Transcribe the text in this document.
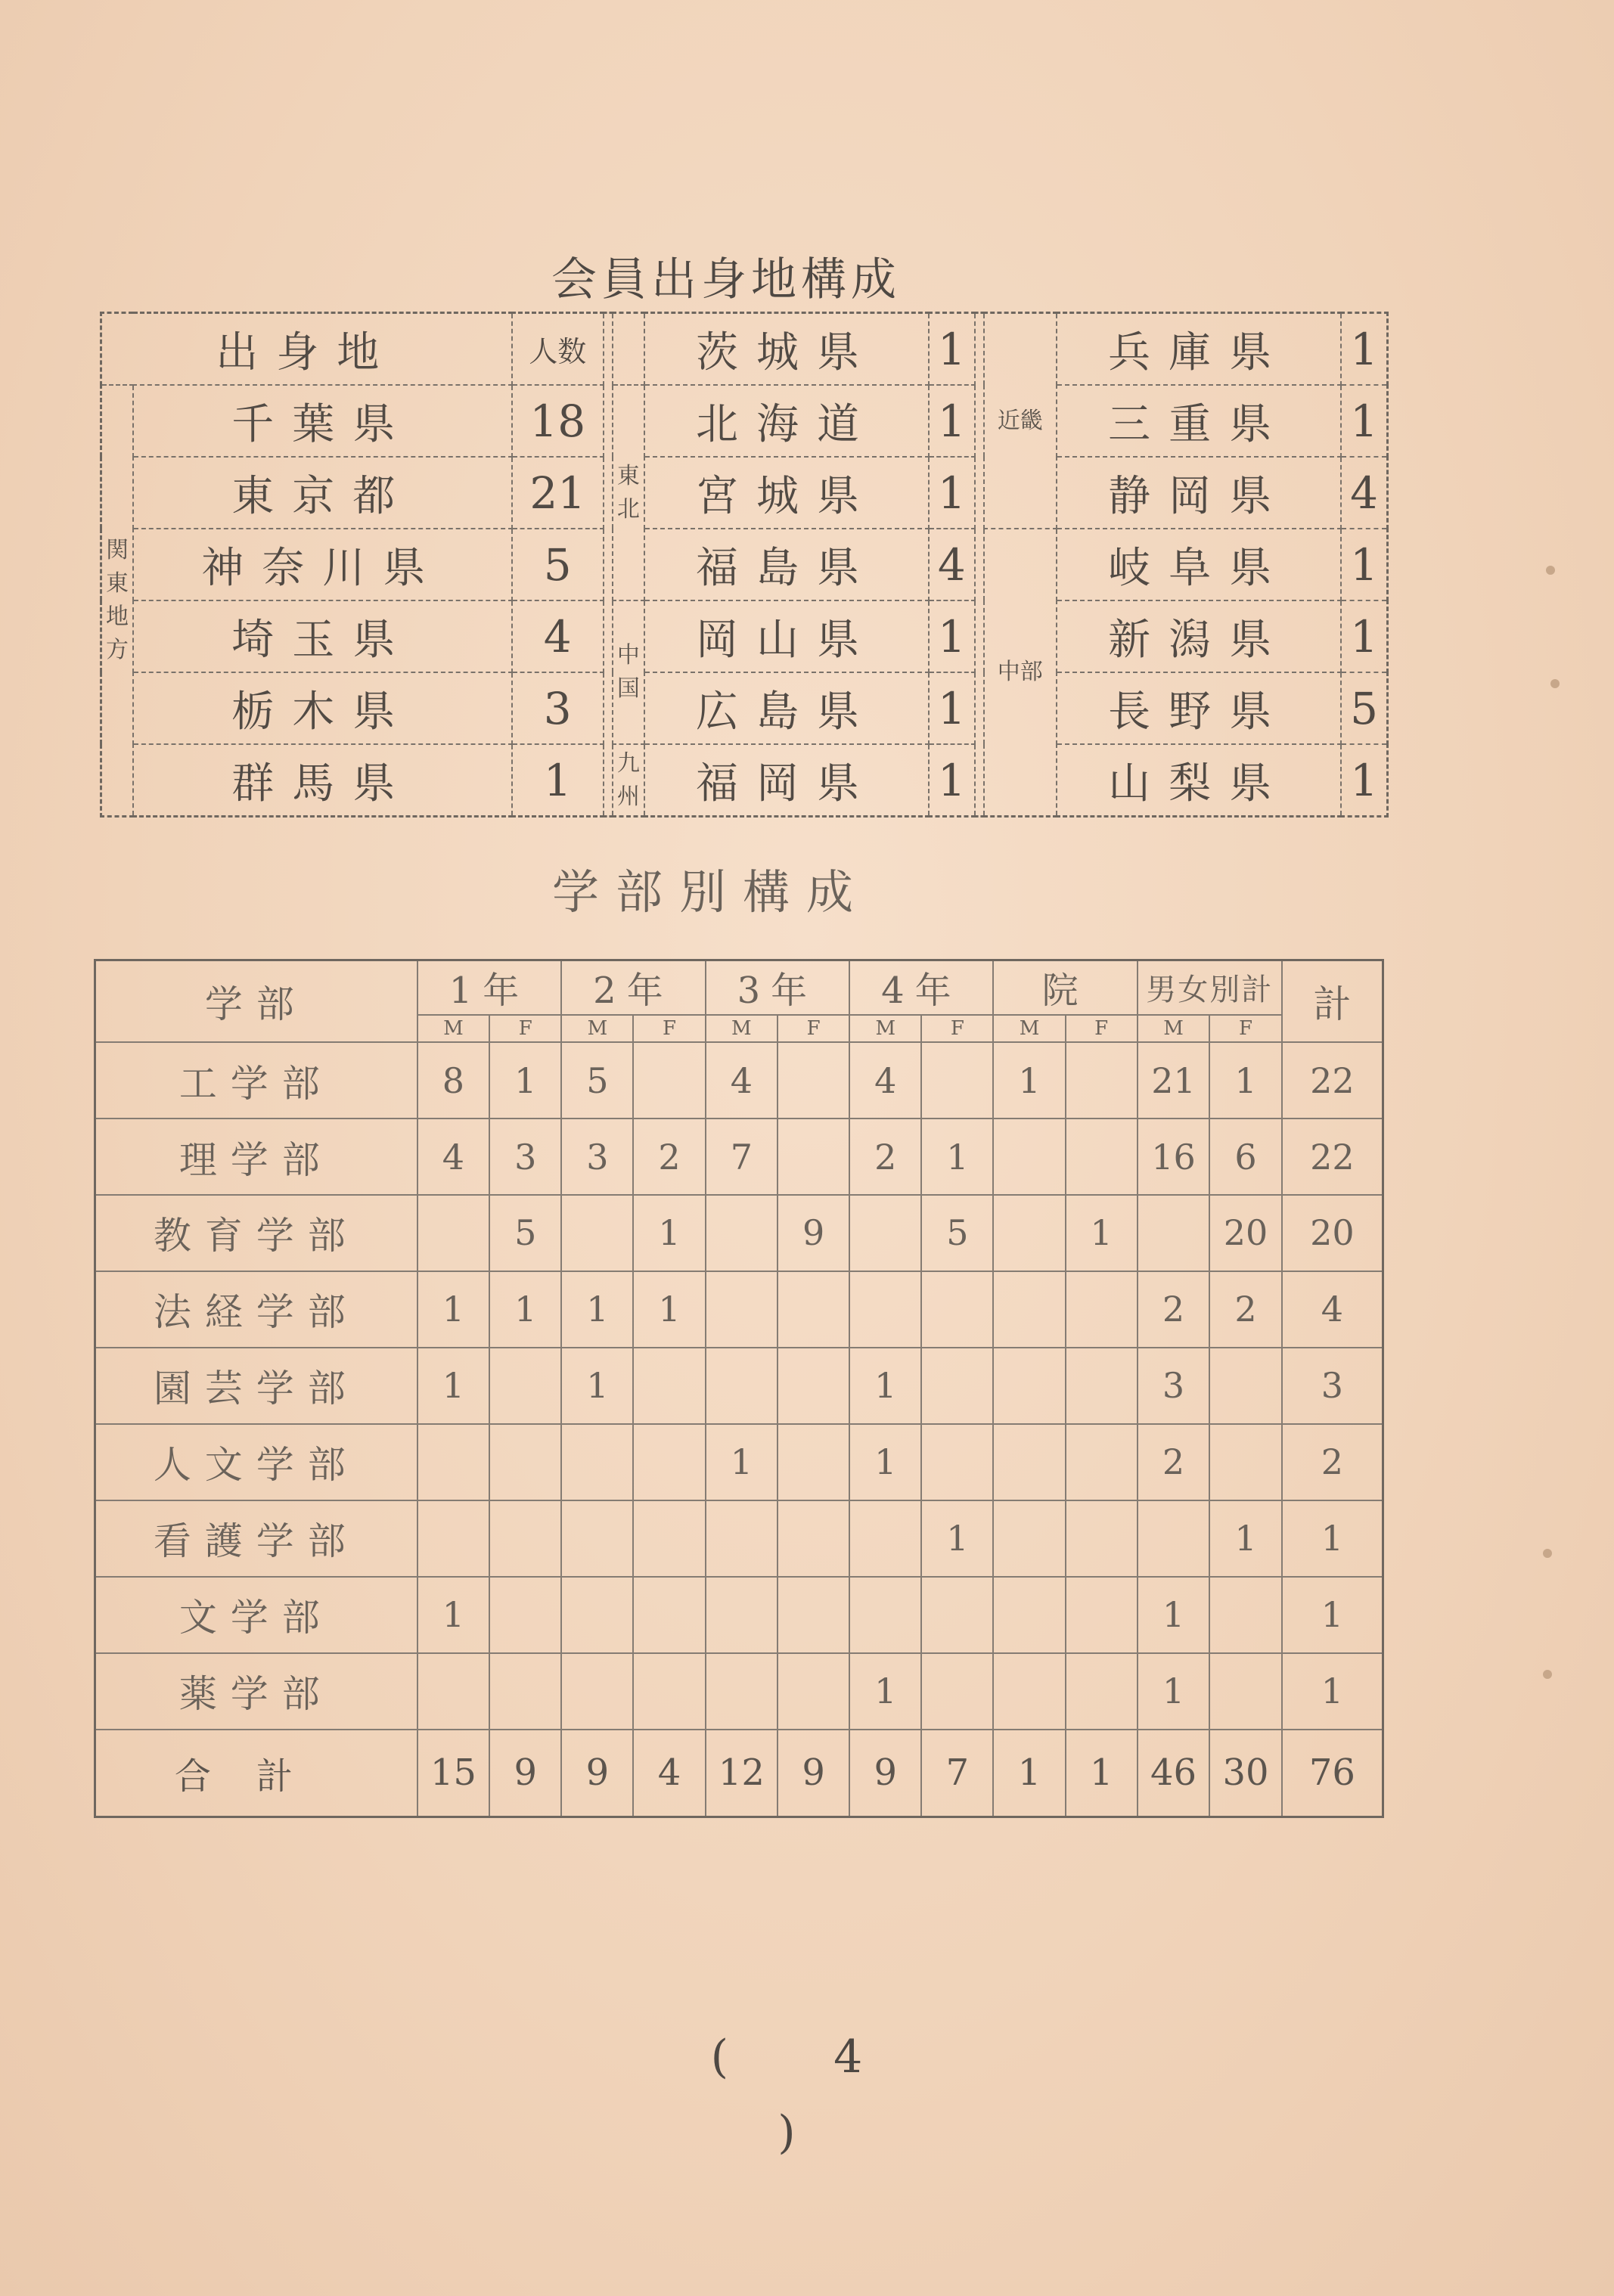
会員出身地構成
出身地		人数			茨城県	1		近畿	兵庫県	1
関東地方	千葉県	18		東北	北海道	1			三重県	1
	東京都	21			宮城県	1			静岡県	4
	神奈川県	5			福島県	4		中部	岐阜県	1
	埼玉県	4		中国	岡山県	1			新潟県	1
	栃木県	3			広島県	1			長野県	5
	群馬県	1		九州	福岡県	1			山梨県	1
学部別構成
学部	1年		2年		3年		4年		院		男女別計		計
	M	F	M	F	M	F	M	F	M	F	M	F	
工学部	8	1	5		4		4		1		21	1	22
理学部	4	3	3	2	7		2	1			16	6	22
教育学部		5		1		9		5		1		20	20
法経学部	1	1	1	1							2	2	4
園芸学部	1		1				1				3		3
人文学部					1		1				2		2
看護学部								1				1	1
文学部	1										1		1
薬学部							1				1		1
合計	15	9	9	4	12	9	9	7	1	1	46	30	76
( 4 )
